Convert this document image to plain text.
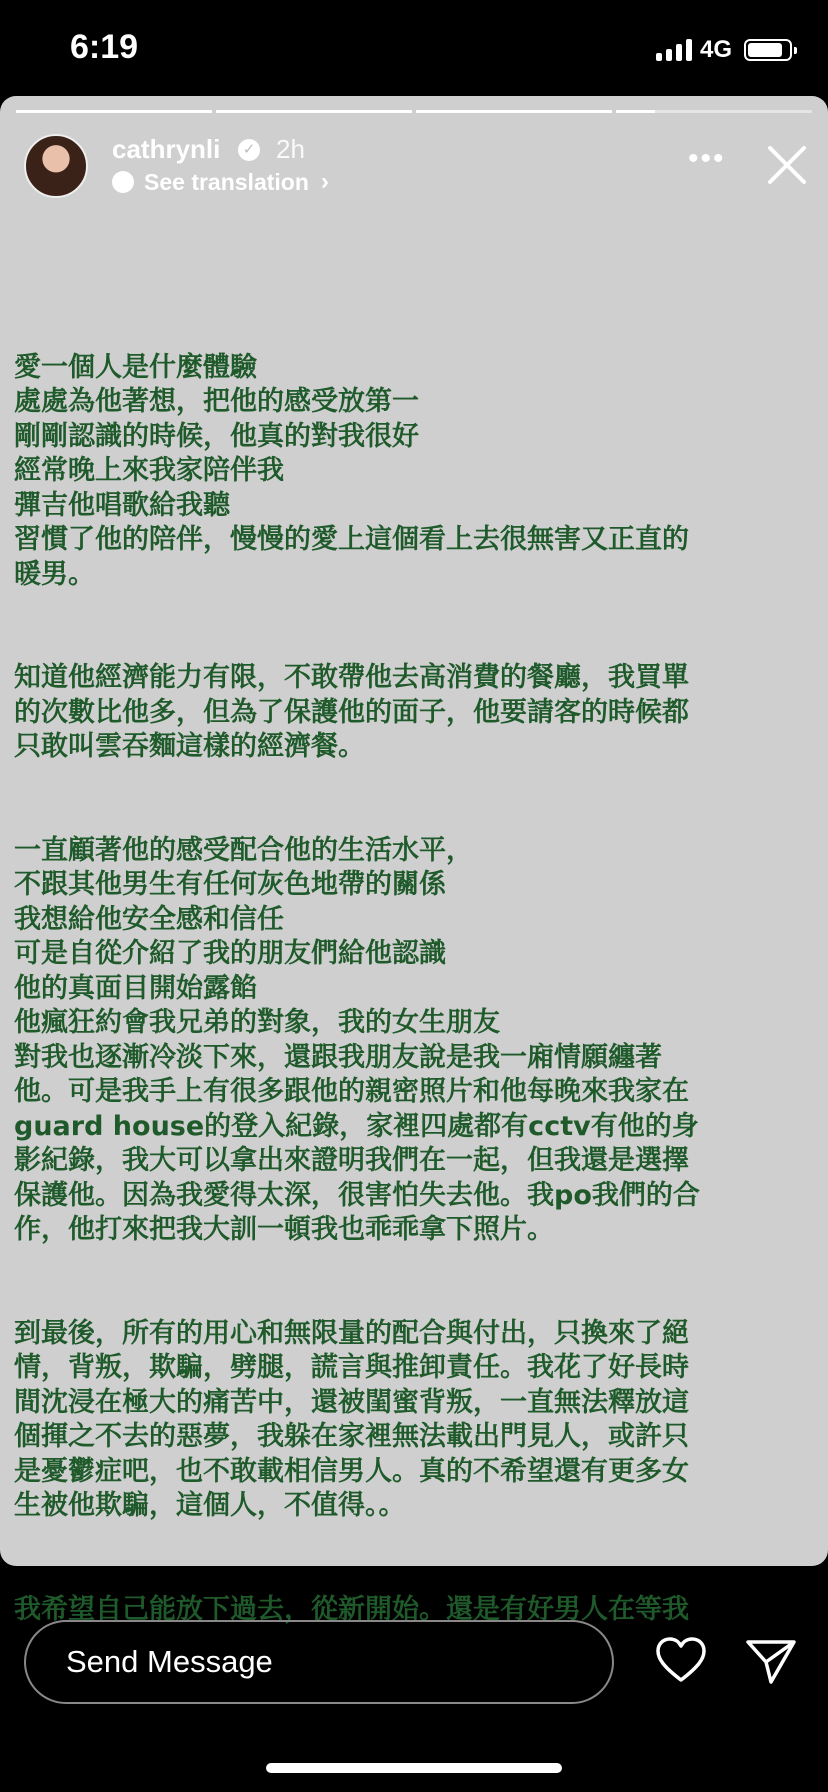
6:19	4G
cathrynli	✓ 2h
See translation ›
•••

愛一個人是什麼體驗
處處為他著想，把他的感受放第一
剛剛認識的時候，他真的對我很好
經常晚上來我家陪伴我
彈吉他唱歌給我聽
習慣了他的陪伴，慢慢的愛上這個看上去很無害又正直的
暖男。

知道他經濟能力有限，不敢帶他去高消費的餐廳，我買單
的次數比他多，但為了保護他的面子，他要請客的時候都
只敢叫雲吞麵這樣的經濟餐。

一直顧著他的感受配合他的生活水平，
不跟其他男生有任何灰色地帶的關係
我想給他安全感和信任
可是自從介紹了我的朋友們給他認識
他的真面目開始露餡
他瘋狂約會我兄弟的對象，我的女生朋友
對我也逐漸冷淡下來，還跟我朋友說是我一廂情願纏著
他。可是我手上有很多跟他的親密照片和他每晚來我家在
guard house的登入紀錄，家裡四處都有cctv有他的身
影紀錄，我大可以拿出來證明我們在一起，但我還是選擇
保護他。因為我愛得太深，很害怕失去他。我po我們的合
作，他打來把我大訓一頓我也乖乖拿下照片。

到最後，所有的用心和無限量的配合與付出，只換來了絕
情，背叛，欺騙，劈腿，謊言與推卸責任。我花了好長時
間沈浸在極大的痛苦中，還被閨蜜背叛，一直無法釋放這
個揮之不去的惡夢，我躲在家裡無法載出門見人，或許只
是憂鬱症吧，也不敢載相信男人。真的不希望還有更多女
生被他欺騙，這個人，不值得。。

我希望自己能放下過去，從新開始。還是有好男人在等我

Send Message
